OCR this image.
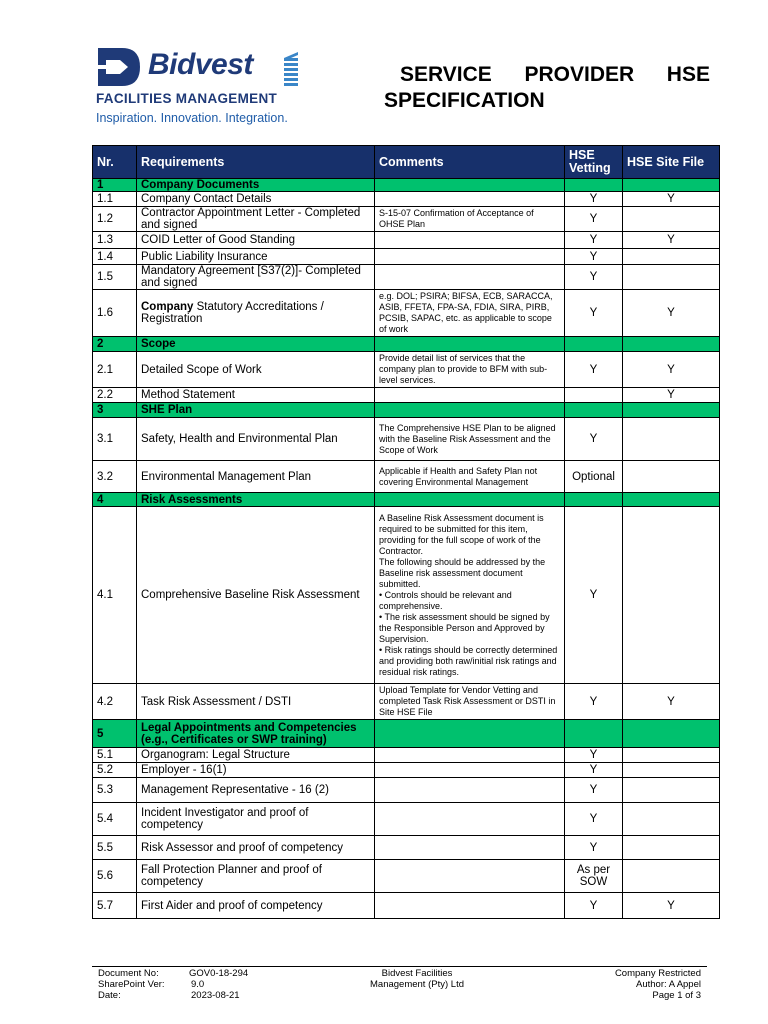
Bidvest
FACILITIES MANAGEMENT
Inspiration. Innovation. Integration.
SERVICE PROVIDER HSE
SPECIFICATION
Nr.	Requirements	Comments	HSE Vetting	HSE Site File
1	Company Documents			
1.1	Company Contact Details		Y	Y
1.2	Contractor Appointment Letter - Completed and signed	S-15-07 Confirmation of Acceptance of OHSE Plan	Y	
1.3	COID Letter of Good Standing		Y	Y
1.4	Public Liability Insurance		Y	
1.5	Mandatory Agreement [S37(2)]- Completed and signed		Y	
1.6	Company Statutory Accreditations / Registration	e.g. DOL; PSIRA; BIFSA, ECB, SARACCA, ASIB, FFETA, FPA-SA, FDIA, SIRA, PIRB, PCSIB, SAPAC, etc. as applicable to scope of work	Y	Y
2	Scope			
2.1	Detailed Scope of Work	Provide detail list of services that the company plan to provide to BFM with sub-level services.	Y	Y
2.2	Method Statement			Y
3	SHE Plan			
3.1	Safety, Health and Environmental Plan	The Comprehensive HSE Plan to be aligned with the Baseline Risk Assessment and the Scope of Work	Y	
3.2	Environmental Management Plan	Applicable if Health and Safety Plan not covering Environmental Management	Optional	
4	Risk Assessments			
4.1	Comprehensive Baseline Risk Assessment	A Baseline Risk Assessment document is required to be submitted for this item, providing for the full scope of work of the Contractor.
The following should be addressed by the Baseline risk assessment document submitted.
• Controls should be relevant and comprehensive.
• The risk assessment should be signed by the Responsible Person and Approved by Supervision.
• Risk ratings should be correctly determined and providing both raw/initial risk ratings and residual risk ratings.	Y	
4.2	Task Risk Assessment / DSTI	Upload Template for Vendor Vetting and completed Task Risk Assessment or DSTI in Site HSE File	Y	Y
5	Legal Appointments and Competencies (e.g., Certificates or SWP training)			
5.1	Organogram: Legal Structure		Y	
5.2	Employer - 16(1)		Y	
5.3	Management Representative - 16 (2)		Y	
5.4	Incident Investigator and proof of competency		Y	
5.5	Risk Assessor and proof of competency		Y	
5.6	Fall Protection Planner and proof of competency		As per SOW	
5.7	First Aider and proof of competency		Y	Y
Document No:
SharePoint Ver:
Date:
GOV0-18-294
9.0
2023-08-21
Bidvest Facilities
Management (Pty) Ltd
Company Restricted
Author: A Appel
Page 1 of 3
